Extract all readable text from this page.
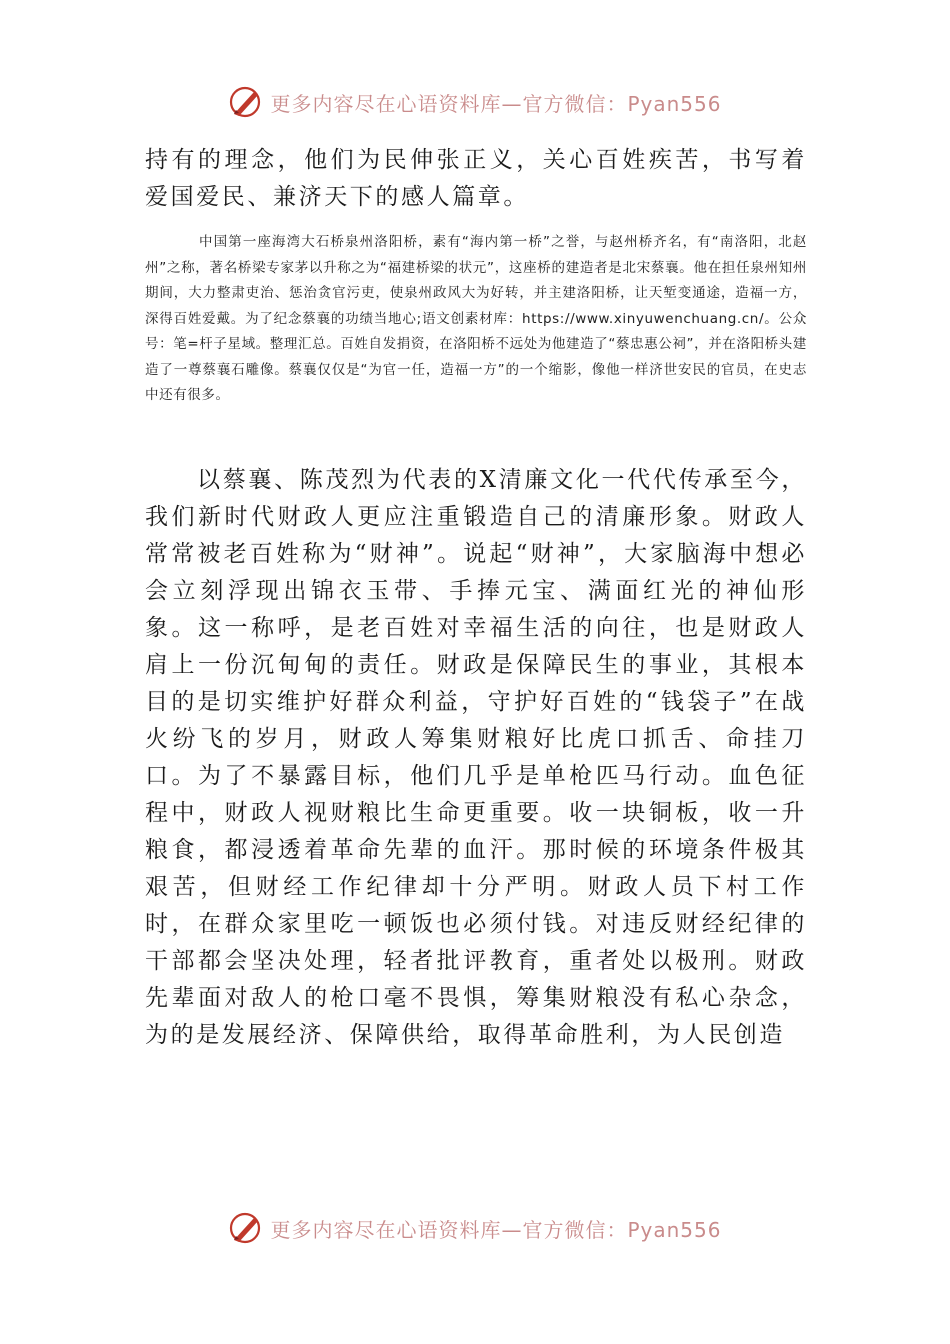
更多内容尽在心语资料库—官方微信：Pyan556

持有的理念，他们为民伸张正义，关心百姓疾苦，书写着爱国爱民、兼济天下的感人篇章。

中国第一座海湾大石桥泉州洛阳桥，素有“海内第一桥”之誉，与赵州桥齐名，有“南洛阳，北赵州”之称，著名桥梁专家茅以升称之为“福建桥梁的状元”，这座桥的建造者是北宋蔡襄。他在担任泉州知州期间，大力整肃吏治、惩治贪官污吏，使泉州政风大为好转，并主建洛阳桥，让天堑变通途，造福一方，深得百姓爱戴。为了纪念蔡襄的功绩当地心;语文创素材库：https://www.xinyuwenchuang.cn/。公众号：笔=杆子星域。整理汇总。百姓自发捐资，在洛阳桥不远处为他建造了“蔡忠惠公祠”，并在洛阳桥头建造了一尊蔡襄石雕像。蔡襄仅仅是“为官一任，造福一方”的一个缩影，像他一样济世安民的官员，在史志中还有很多。

以蔡襄、陈茂烈为代表的X清廉文化一代代传承至今，我们新时代财政人更应注重锻造自己的清廉形象。财政人常常被老百姓称为“财神”。说起“财神”，大家脑海中想必会立刻浮现出锦衣玉带、手捧元宝、满面红光的神仙形象。这一称呼，是老百姓对幸福生活的向往，也是财政人肩上一份沉甸甸的责任。财政是保障民生的事业，其根本目的是切实维护好群众利益，守护好百姓的“钱袋子”在战火纷飞的岁月，财政人筹集财粮好比虎口抓舌、命挂刀口。为了不暴露目标，他们几乎是单枪匹马行动。血色征程中，财政人视财粮比生命更重要。收一块铜板，收一升粮食，都浸透着革命先辈的血汗。那时候的环境条件极其艰苦，但财经工作纪律却十分严明。财政人员下村工作时，在群众家里吃一顿饭也必须付钱。对违反财经纪律的干部都会坚决处理，轻者批评教育，重者处以极刑。财政先辈面对敌人的枪口毫不畏惧，筹集财粮没有私心杂念，为的是发展经济、保障供给，取得革命胜利，为人民创造

更多内容尽在心语资料库—官方微信：Pyan556
